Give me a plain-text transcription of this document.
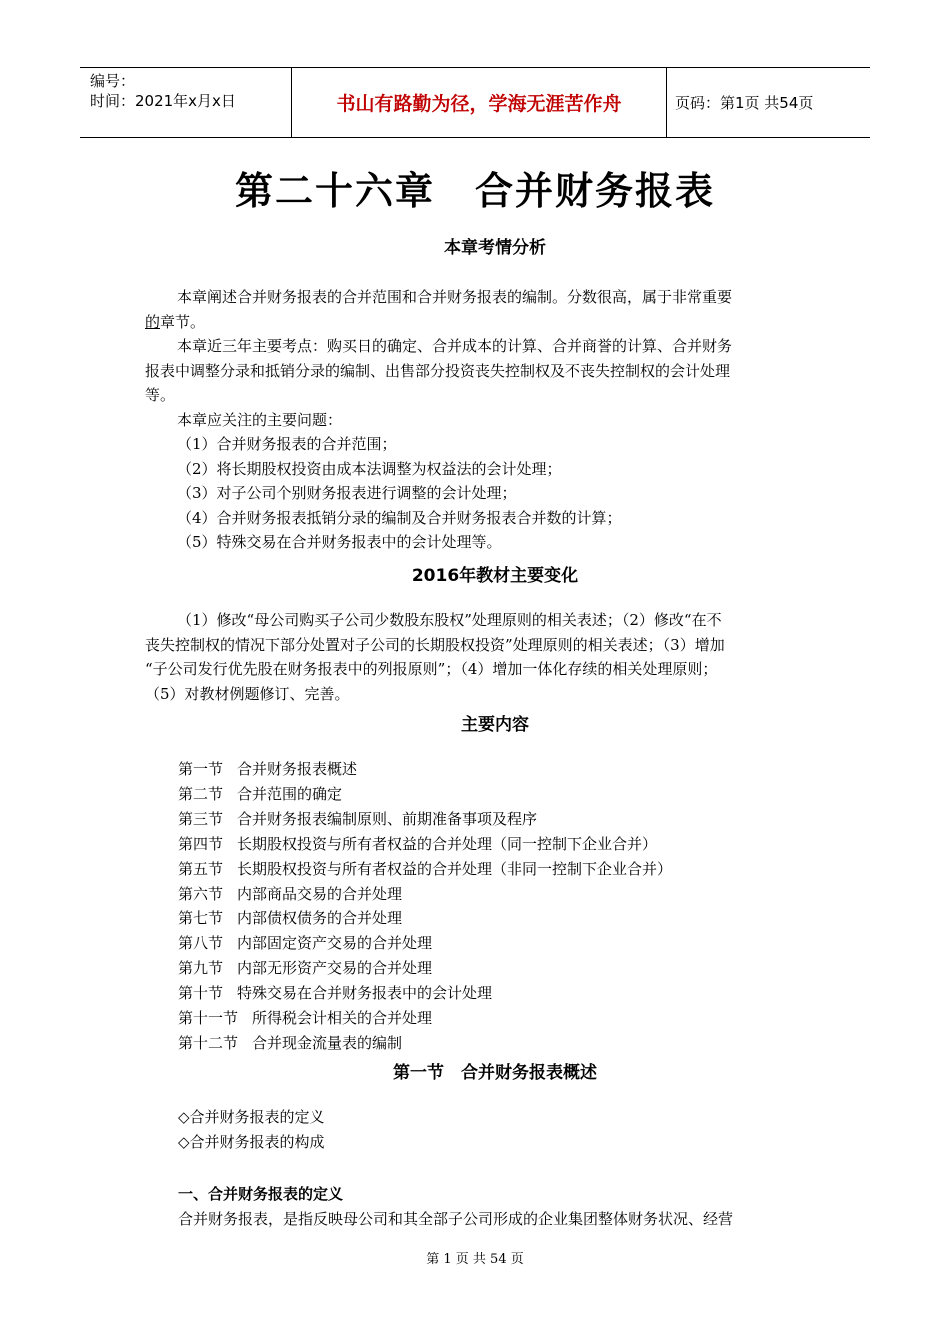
编号：
时间：2021年x月x日	书山有路勤为径，学海无涯苦作舟	页码：第1页 共54页
第二十六章　合并财务报表
本章考情分析

本章阐述合并财务报表的合并范围和合并财务报表的编制。分数很高，属于非常重要

的章节。

本章近三年主要考点：购买日的确定、合并成本的计算、合并商誉的计算、合并财务

报表中调整分录和抵销分录的编制、出售部分投资丧失控制权及不丧失控制权的会计处理

等。

本章应关注的主要问题：

（1）合并财务报表的合并范围；

（2）将长期股权投资由成本法调整为权益法的会计处理；

（3）对子公司个别财务报表进行调整的会计处理；

（4）合并财务报表抵销分录的编制及合并财务报表合并数的计算；

（5）特殊交易在合并财务报表中的会计处理等。

2016年教材主要变化

（1）修改“母公司购买子公司少数股东股权”处理原则的相关表述；（2）修改“在不

丧失控制权的情况下部分处置对子公司的长期股权投资”处理原则的相关表述；（3）增加

“子公司发行优先股在财务报表中的列报原则”；（4）增加一体化存续的相关处理原则；

（5）对教材例题修订、完善。

主要内容
第一节 合并财务报表概述
第二节 合并范围的确定
第三节 合并财务报表编制原则、前期准备事项及程序
第四节 长期股权投资与所有者权益的合并处理（同一控制下企业合并）
第五节 长期股权投资与所有者权益的合并处理（非同一控制下企业合并）
第六节 内部商品交易的合并处理
第七节 内部债权债务的合并处理
第八节 内部固定资产交易的合并处理
第九节 内部无形资产交易的合并处理
第十节 特殊交易在合并财务报表中的会计处理
第十一节 所得税会计相关的合并处理
第十二节 合并现金流量表的编制
第一节　合并财务报表概述

◇合并财务报表的定义

◇合并财务报表的构成

一、合并财务报表的定义
合并财务报表，是指反映母公司和其全部子公司形成的企业集团整体财务状况、经营
第 1 页 共 54 页
